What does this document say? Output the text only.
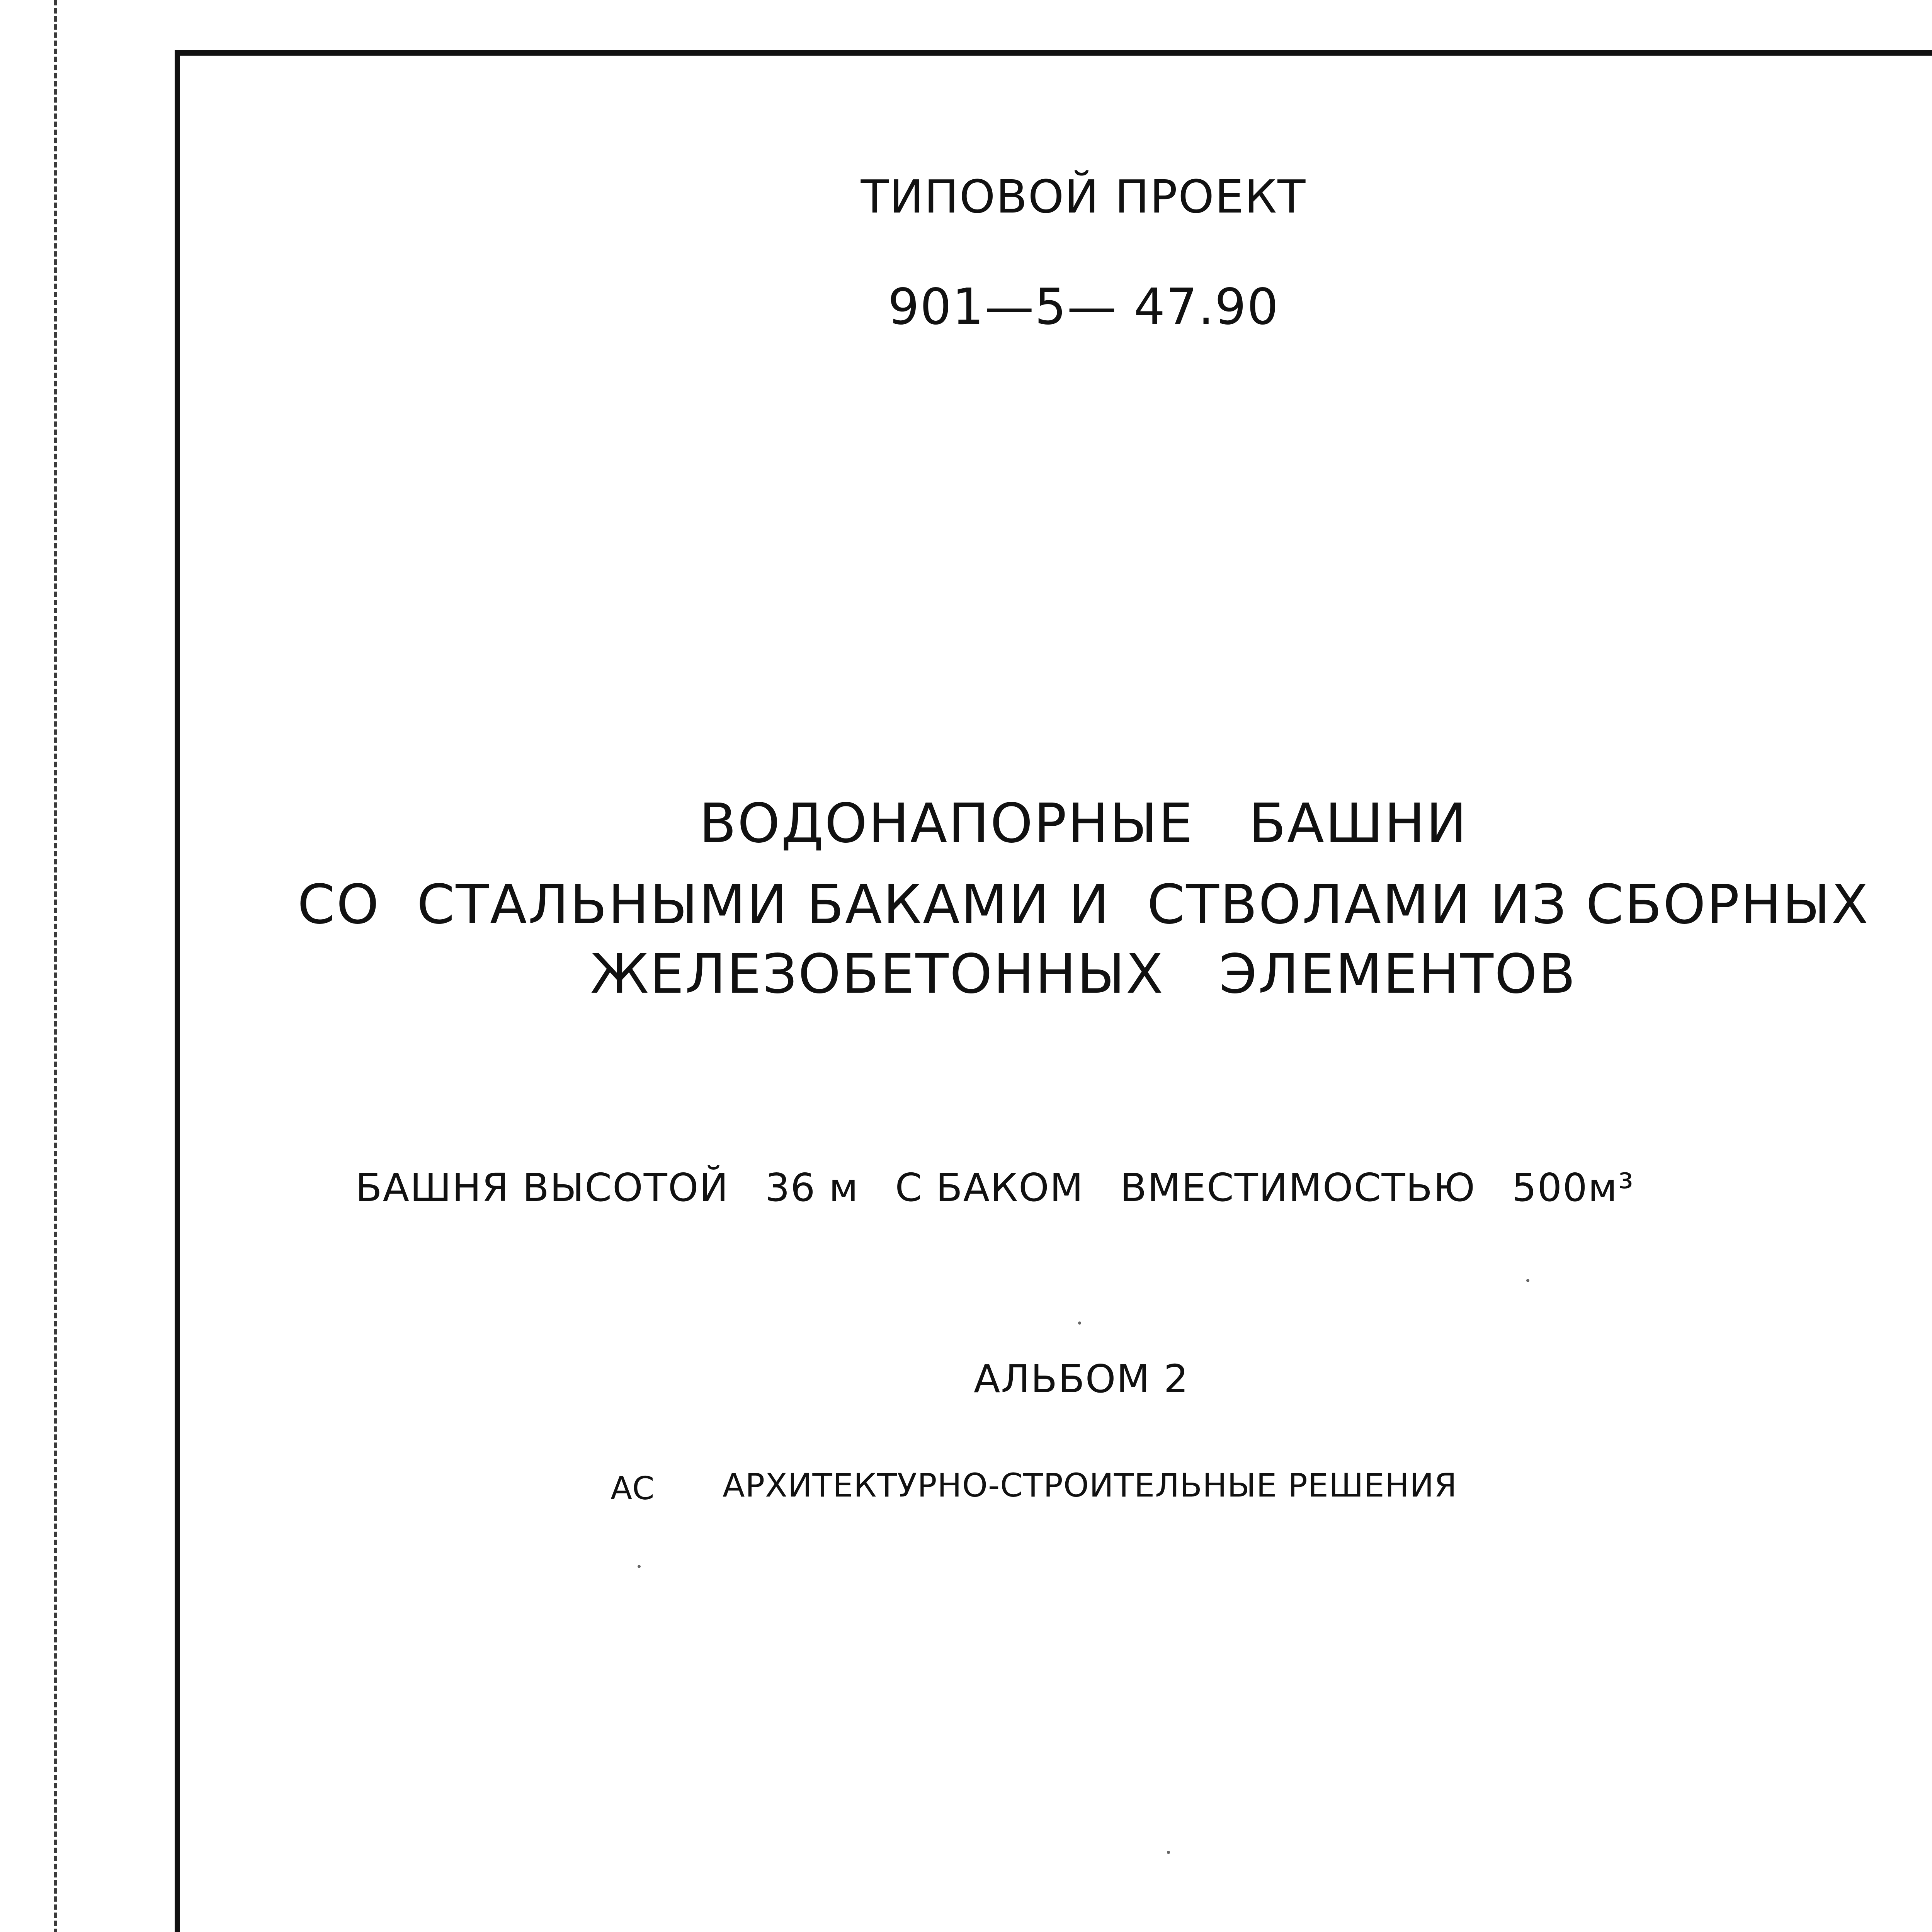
ТИПОВОЙ ПРОЕКТ
901—5— 47.90
ВОДОНАПОРНЫЕ   БАШНИ
СО  СТАЛЬНЫМИ БАКАМИ И  СТВОЛАМИ ИЗ СБОРНЫХ
ЖЕЛЕЗОБЕТОННЫХ   ЭЛЕМЕНТОВ
БАШНЯ ВЫСОТОЙ 36 м С БАКОМ ВМЕСТИМОСТЬЮ 500м³
АЛЬБОМ 2
АС АРХИТЕКТУРНО-СТРОИТЕЛЬНЫЕ РЕШЕНИЯ
